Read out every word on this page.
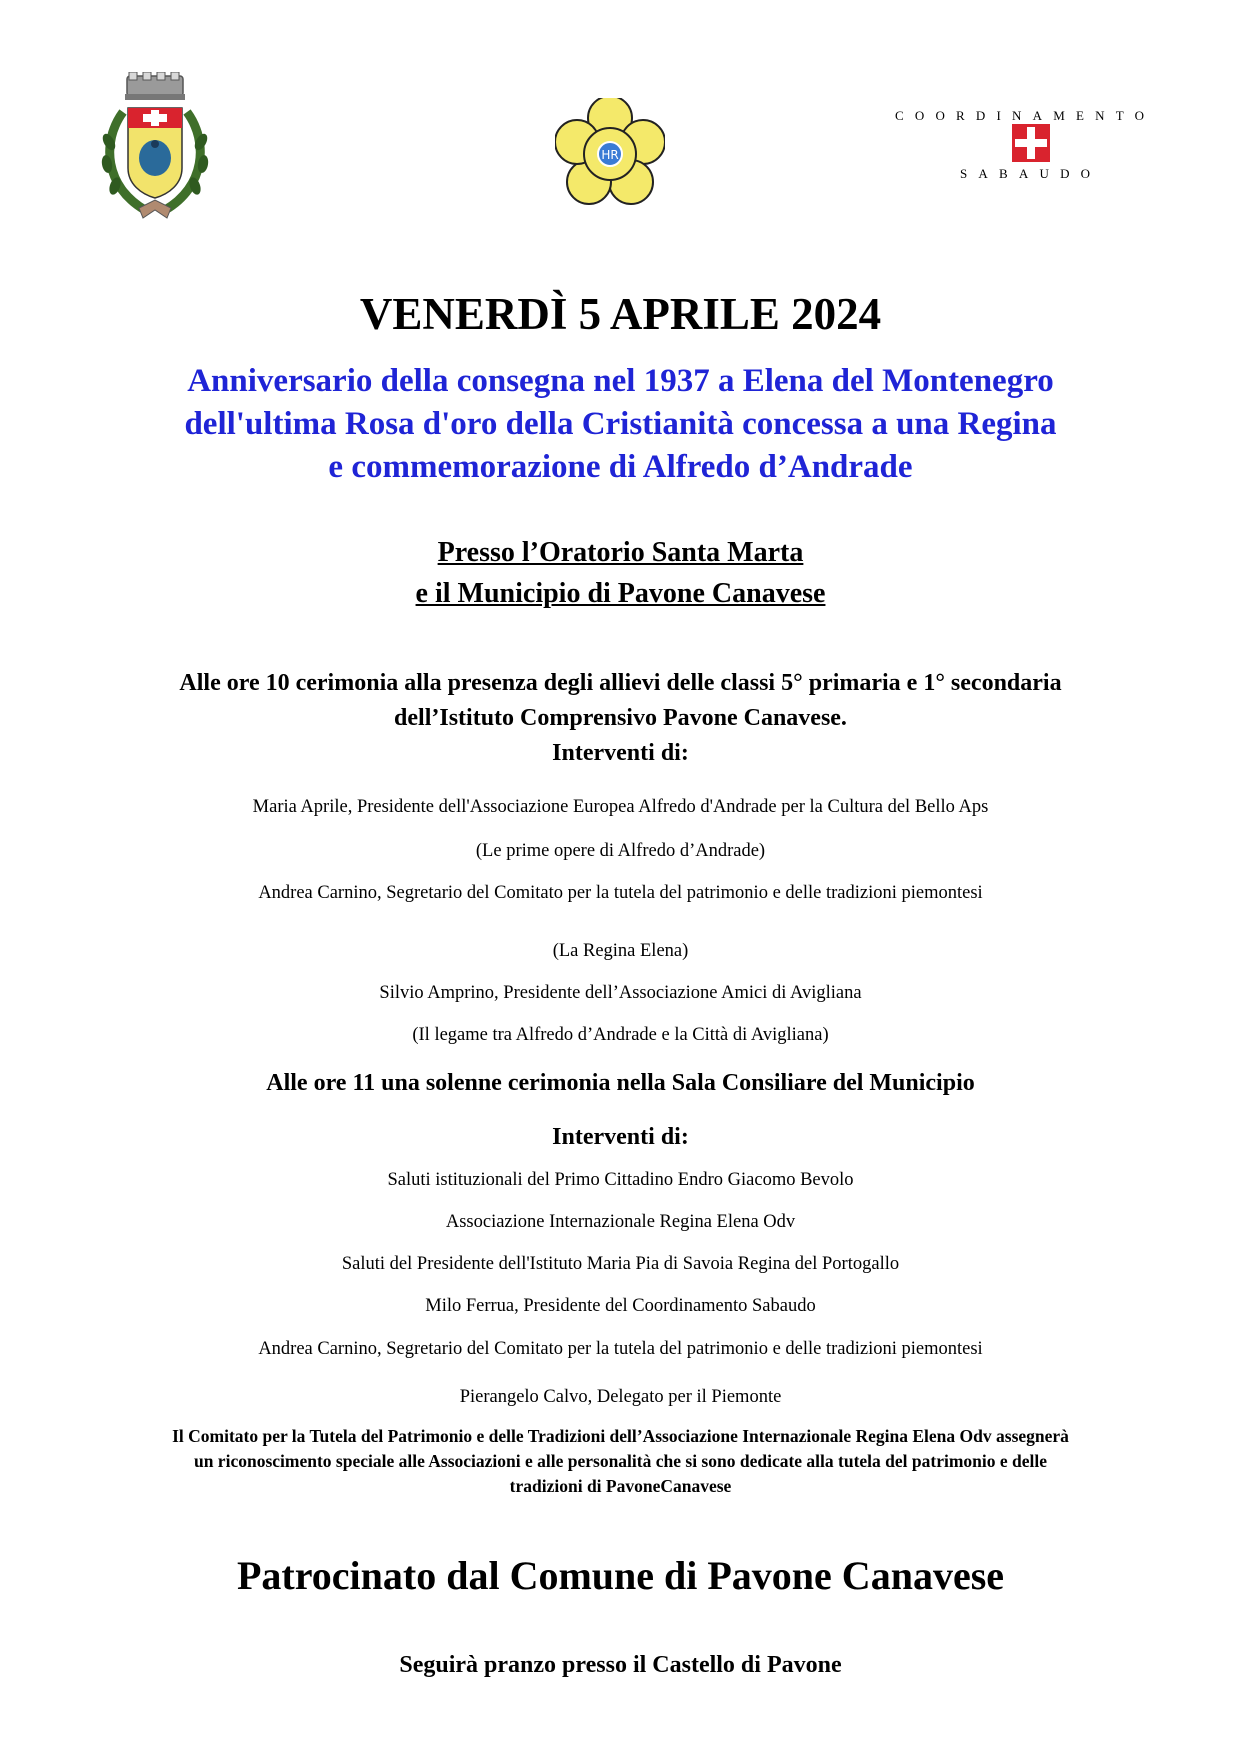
HR
COORDINAMENTO
SABAUDO
VENERDÌ 5 APRILE 2024
Anniversario della consegna nel 1937 a Elena del Montenegro
dell'ultima Rosa d'oro della Cristianità concessa a una Regina
e commemorazione di Alfredo d’Andrade
Presso l’Oratorio Santa Marta
e il Municipio di Pavone Canavese
Alle ore 10 cerimonia alla presenza degli allievi delle classi 5° primaria e 1° secondaria
dell’Istituto Comprensivo Pavone Canavese.
Interventi di:
Maria Aprile, Presidente dell'Associazione Europea Alfredo d'Andrade per la Cultura del Bello Aps
(Le prime opere di Alfredo d’Andrade)
Andrea Carnino, Segretario del Comitato per la tutela del patrimonio e delle tradizioni piemontesi
(La Regina Elena)
Silvio Amprino, Presidente dell’Associazione Amici di Avigliana
(Il legame tra Alfredo d’Andrade e la Città di Avigliana)
Alle ore 11 una solenne cerimonia nella Sala Consiliare del Municipio
Interventi di:
Saluti istituzionali del Primo Cittadino Endro Giacomo Bevolo
Associazione Internazionale Regina Elena Odv
Saluti del Presidente dell'Istituto Maria Pia di Savoia Regina del Portogallo
Milo Ferrua, Presidente del Coordinamento Sabaudo
Andrea Carnino, Segretario del Comitato per la tutela del patrimonio e delle tradizioni piemontesi
Pierangelo Calvo, Delegato per il Piemonte
Il Comitato per la Tutela del Patrimonio e delle Tradizioni dell’Associazione Internazionale Regina Elena Odv assegnerà
un riconoscimento speciale alle Associazioni e alle personalità che si sono dedicate alla tutela del patrimonio e delle
tradizioni di PavoneCanavese
Patrocinato dal Comune di Pavone Canavese
Seguirà pranzo presso il Castello di Pavone
